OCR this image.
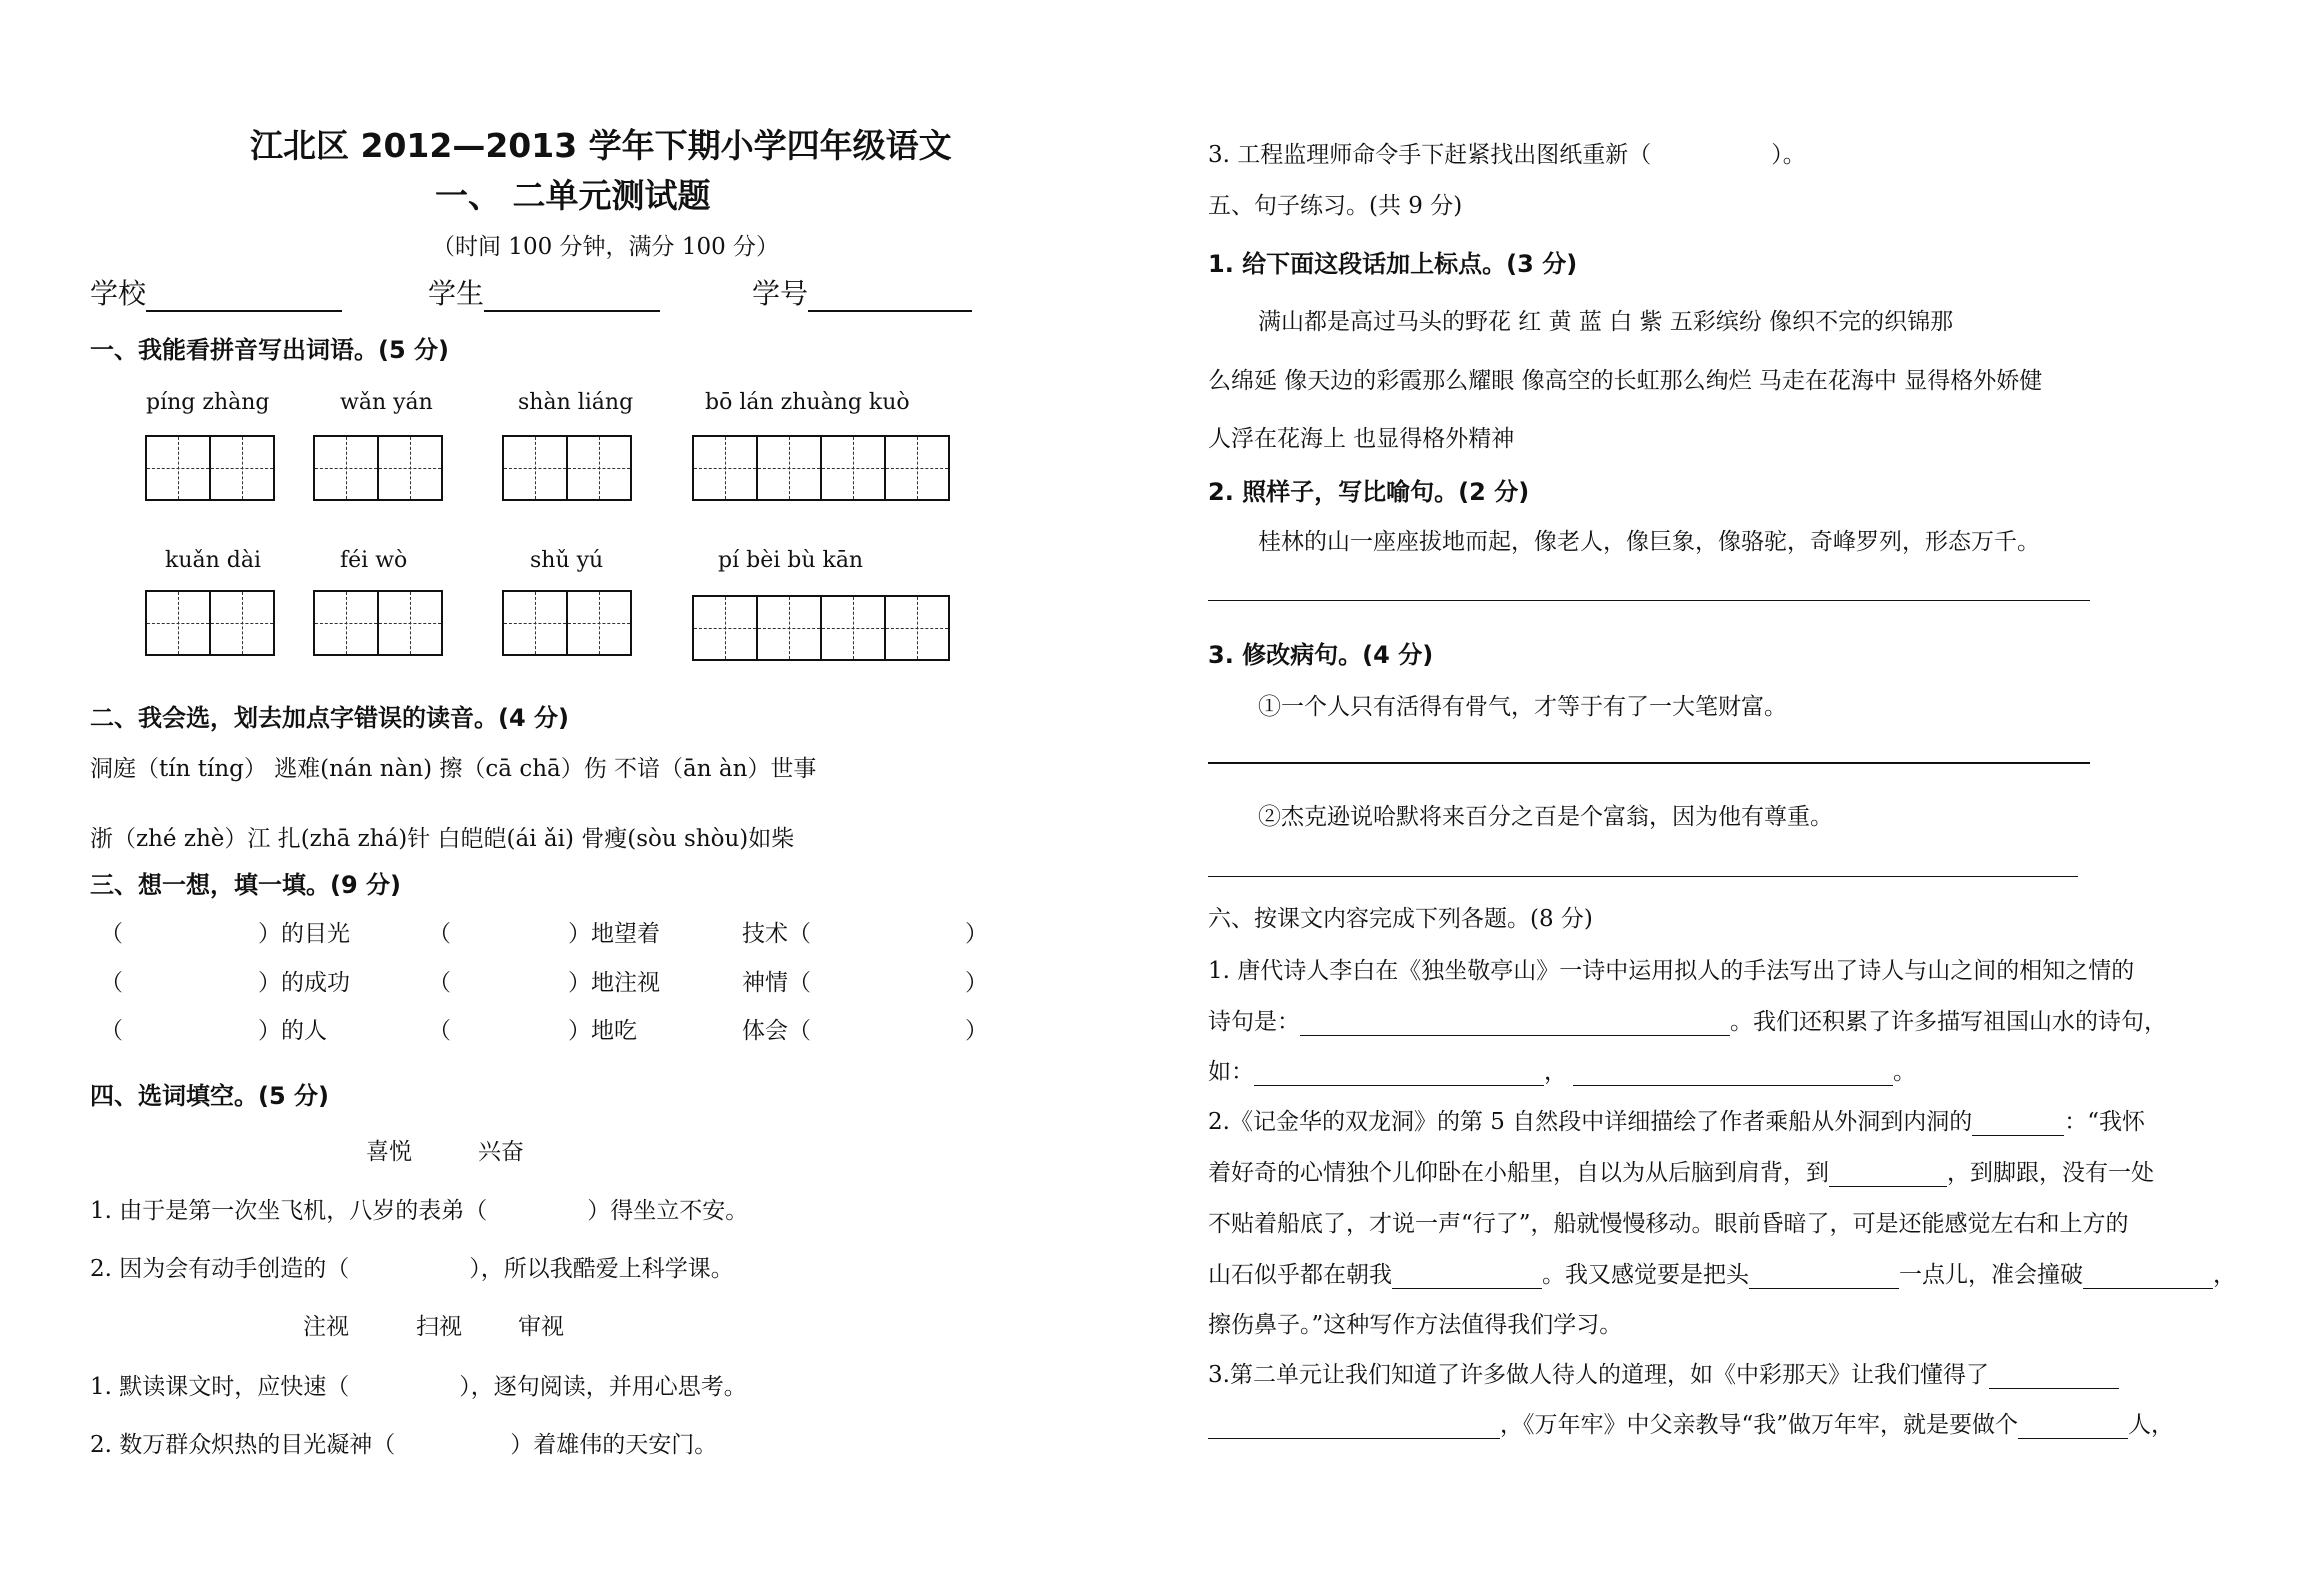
江北区 2012—2013 学年下期小学四年级语文
一、 二单元测试题
（时间 100 分钟，满分 100 分）
学校	学生	学号
一、我能看拼音写出词语。(5 分)
píng zhàng	wǎn yán	shàn liáng	bō lán zhuàng kuò
kuǎn dài	féi wò	shǔ yú	pí bèi bù kān
二、我会选，划去加点字错误的读音。(4 分)
洞庭（tín tíng） 逃难(nán nàn) 擦（cā chā）伤 不谙（ān àn）世事
浙（zhé zhè）江 扎(zhā zhá)针 白皑皑(ái ǎi) 骨瘦(sòu shòu)如柴
三、想一想，填一填。(9 分)
（	）的目光	（	）地望着	技术（	）
（	）的成功	（	）地注视	神情（	）
（	）的人	（	）地吃	体会（	）
四、选词填空。(5 分)
喜悦	兴奋
1. 由于是第一次坐飞机，八岁的表弟（	）得坐立不安。
2. 因为会有动手创造的（	），所以我酷爱上科学课。
注视	扫视 审视
1. 默读课文时，应快速（	），逐句阅读，并用心思考。
2. 数万群众炽热的目光凝神（	）着雄伟的天安门。
3. 工程监理师命令手下赶紧找出图纸重新（	）。
五、句子练习。(共 9 分)
1. 给下面这段话加上标点。(3 分)
满山都是高过马头的野花 红 黄 蓝 白 紫 五彩缤纷 像织不完的织锦那
么绵延 像天边的彩霞那么耀眼 像高空的长虹那么绚烂 马走在花海中 显得格外娇健
人浮在花海上 也显得格外精神
2. 照样子，写比喻句。(2 分)
桂林的山一座座拔地而起，像老人，像巨象，像骆驼，奇峰罗列，形态万千。
3. 修改病句。(4 分)
①一个人只有活得有骨气，才等于有了一大笔财富。
②杰克逊说哈默将来百分之百是个富翁，因为他有尊重。
六、按课文内容完成下列各题。(8 分)
1. 唐代诗人李白在《独坐敬亭山》一诗中运用拟人的手法写出了诗人与山之间的相知之情的
诗句是：	。我们还积累了许多描写祖国山水的诗句，
如：	，	。
2.《记金华的双龙洞》的第 5 自然段中详细描绘了作者乘船从外洞到内洞的	：“我怀
着好奇的心情独个儿仰卧在小船里，自以为从后脑到肩背，到	，到脚跟，没有一处
不贴着船底了，才说一声“行了”，船就慢慢移动。眼前昏暗了，可是还能感觉左右和上方的
山石似乎都在朝我	。我又感觉要是把头	一点儿，准会撞破	，
擦伤鼻子。”这种写作方法值得我们学习。
3.第二单元让我们知道了许多做人待人的道理，如《中彩那天》让我们懂得了
，《万年牢》中父亲教导“我”做万年牢，就是要做个	人，
